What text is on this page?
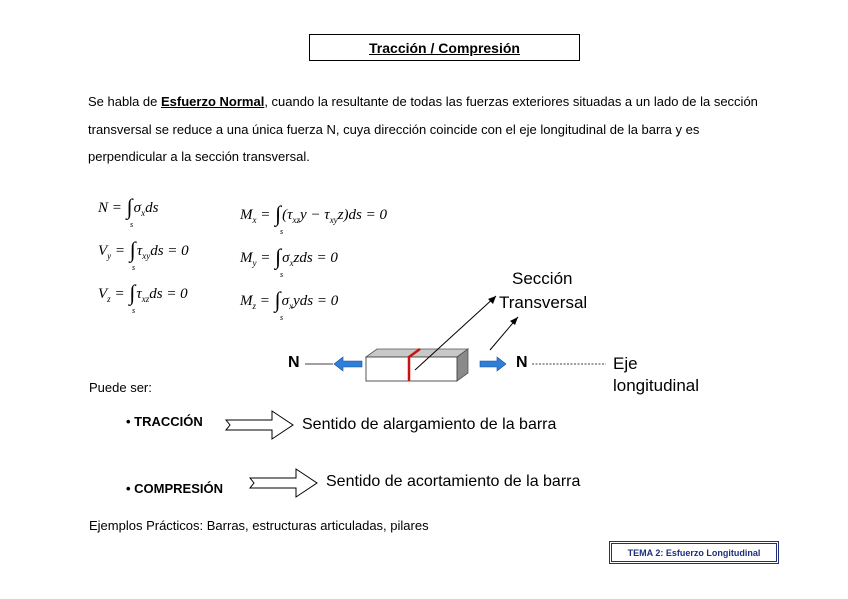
Tracción / Compresión
Se habla de Esfuerzo Normal, cuando la resultante de todas las fuerzas exteriores situadas a un lado de la sección transversal se reduce a una única fuerza N, cuya dirección coincide con el eje longitudinal de la barra y es perpendicular a la sección transversal.
$N = \int\sigma_xds$
s
$V_y = \int\tau_{xy}ds = 0$
s
$V_z = \int\tau_{xz}ds = 0$
s
$M_x = \int(\tau_{xz}y - \tau_{xy}z)ds = 0$
s
$M_y = \int\sigma_xzds = 0$
s
$M_z = \int\sigma_xyds = 0$
s
Sección
Transversal
Eje
longitudinal
N	N
Puede ser:
• TRACCIÓN	Sentido de alargamiento de la barra
• COMPRESIÓN	Sentido de acortamiento de la barra
Ejemplos Prácticos: Barras, estructuras articuladas, pilares
TEMA 2: Esfuerzo Longitudinal
